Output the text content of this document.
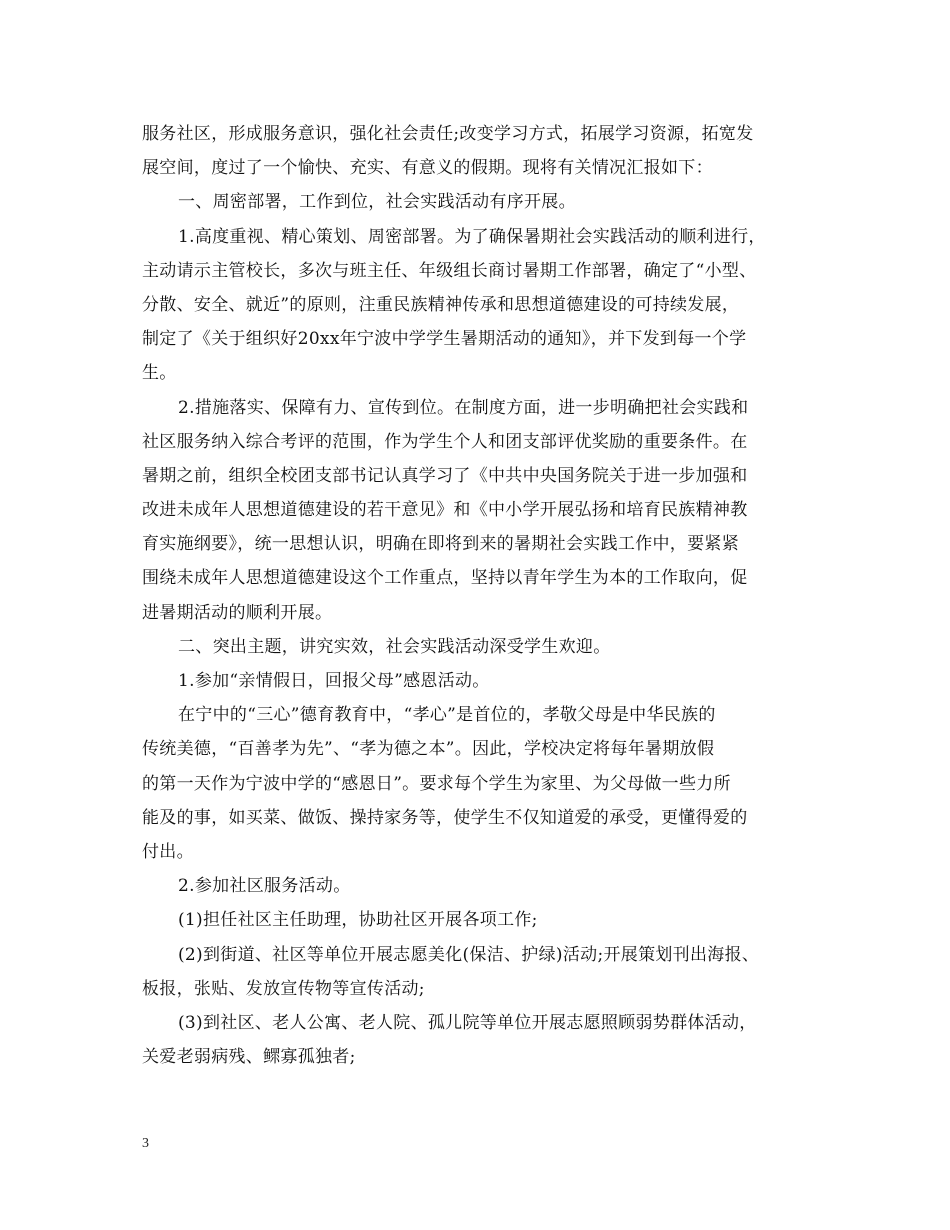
服务社区，形成服务意识，强化社会责任;改变学习方式，拓展学习资源，拓宽发
展空间，度过了一个愉快、充实、有意义的假期。现将有关情况汇报如下：
一、周密部署，工作到位，社会实践活动有序开展。
1.高度重视、精心策划、周密部署。为了确保暑期社会实践活动的顺利进行，
主动请示主管校长，多次与班主任、年级组长商讨暑期工作部署，确定了“小型、
分散、安全、就近”的原则，注重民族精神传承和思想道德建设的可持续发展，
制定了《关于组织好20xx年宁波中学学生暑期活动的通知》，并下发到每一个学
生。
2.措施落实、保障有力、宣传到位。在制度方面，进一步明确把社会实践和
社区服务纳入综合考评的范围，作为学生个人和团支部评优奖励的重要条件。在
暑期之前，组织全校团支部书记认真学习了《中共中央国务院关于进一步加强和
改进未成年人思想道德建设的若干意见》和《中小学开展弘扬和培育民族精神教
育实施纲要》，统一思想认识，明确在即将到来的暑期社会实践工作中，要紧紧
围绕未成年人思想道德建设这个工作重点，坚持以青年学生为本的工作取向，促
进暑期活动的顺利开展。
二、突出主题，讲究实效，社会实践活动深受学生欢迎。
1.参加“亲情假日，回报父母”感恩活动。
在宁中的“三心”德育教育中，“孝心”是首位的，孝敬父母是中华民族的
传统美德，“百善孝为先”、“孝为德之本”。因此，学校决定将每年暑期放假
的第一天作为宁波中学的“感恩日”。要求每个学生为家里、为父母做一些力所
能及的事，如买菜、做饭、操持家务等，使学生不仅知道爱的承受，更懂得爱的
付出。
2.参加社区服务活动。
(1)担任社区主任助理，协助社区开展各项工作;
(2)到街道、社区等单位开展志愿美化(保洁、护绿)活动;开展策划刊出海报、
板报，张贴、发放宣传物等宣传活动;
(3)到社区、老人公寓、老人院、孤儿院等单位开展志愿照顾弱势群体活动，
关爱老弱病残、鳏寡孤独者;
3
